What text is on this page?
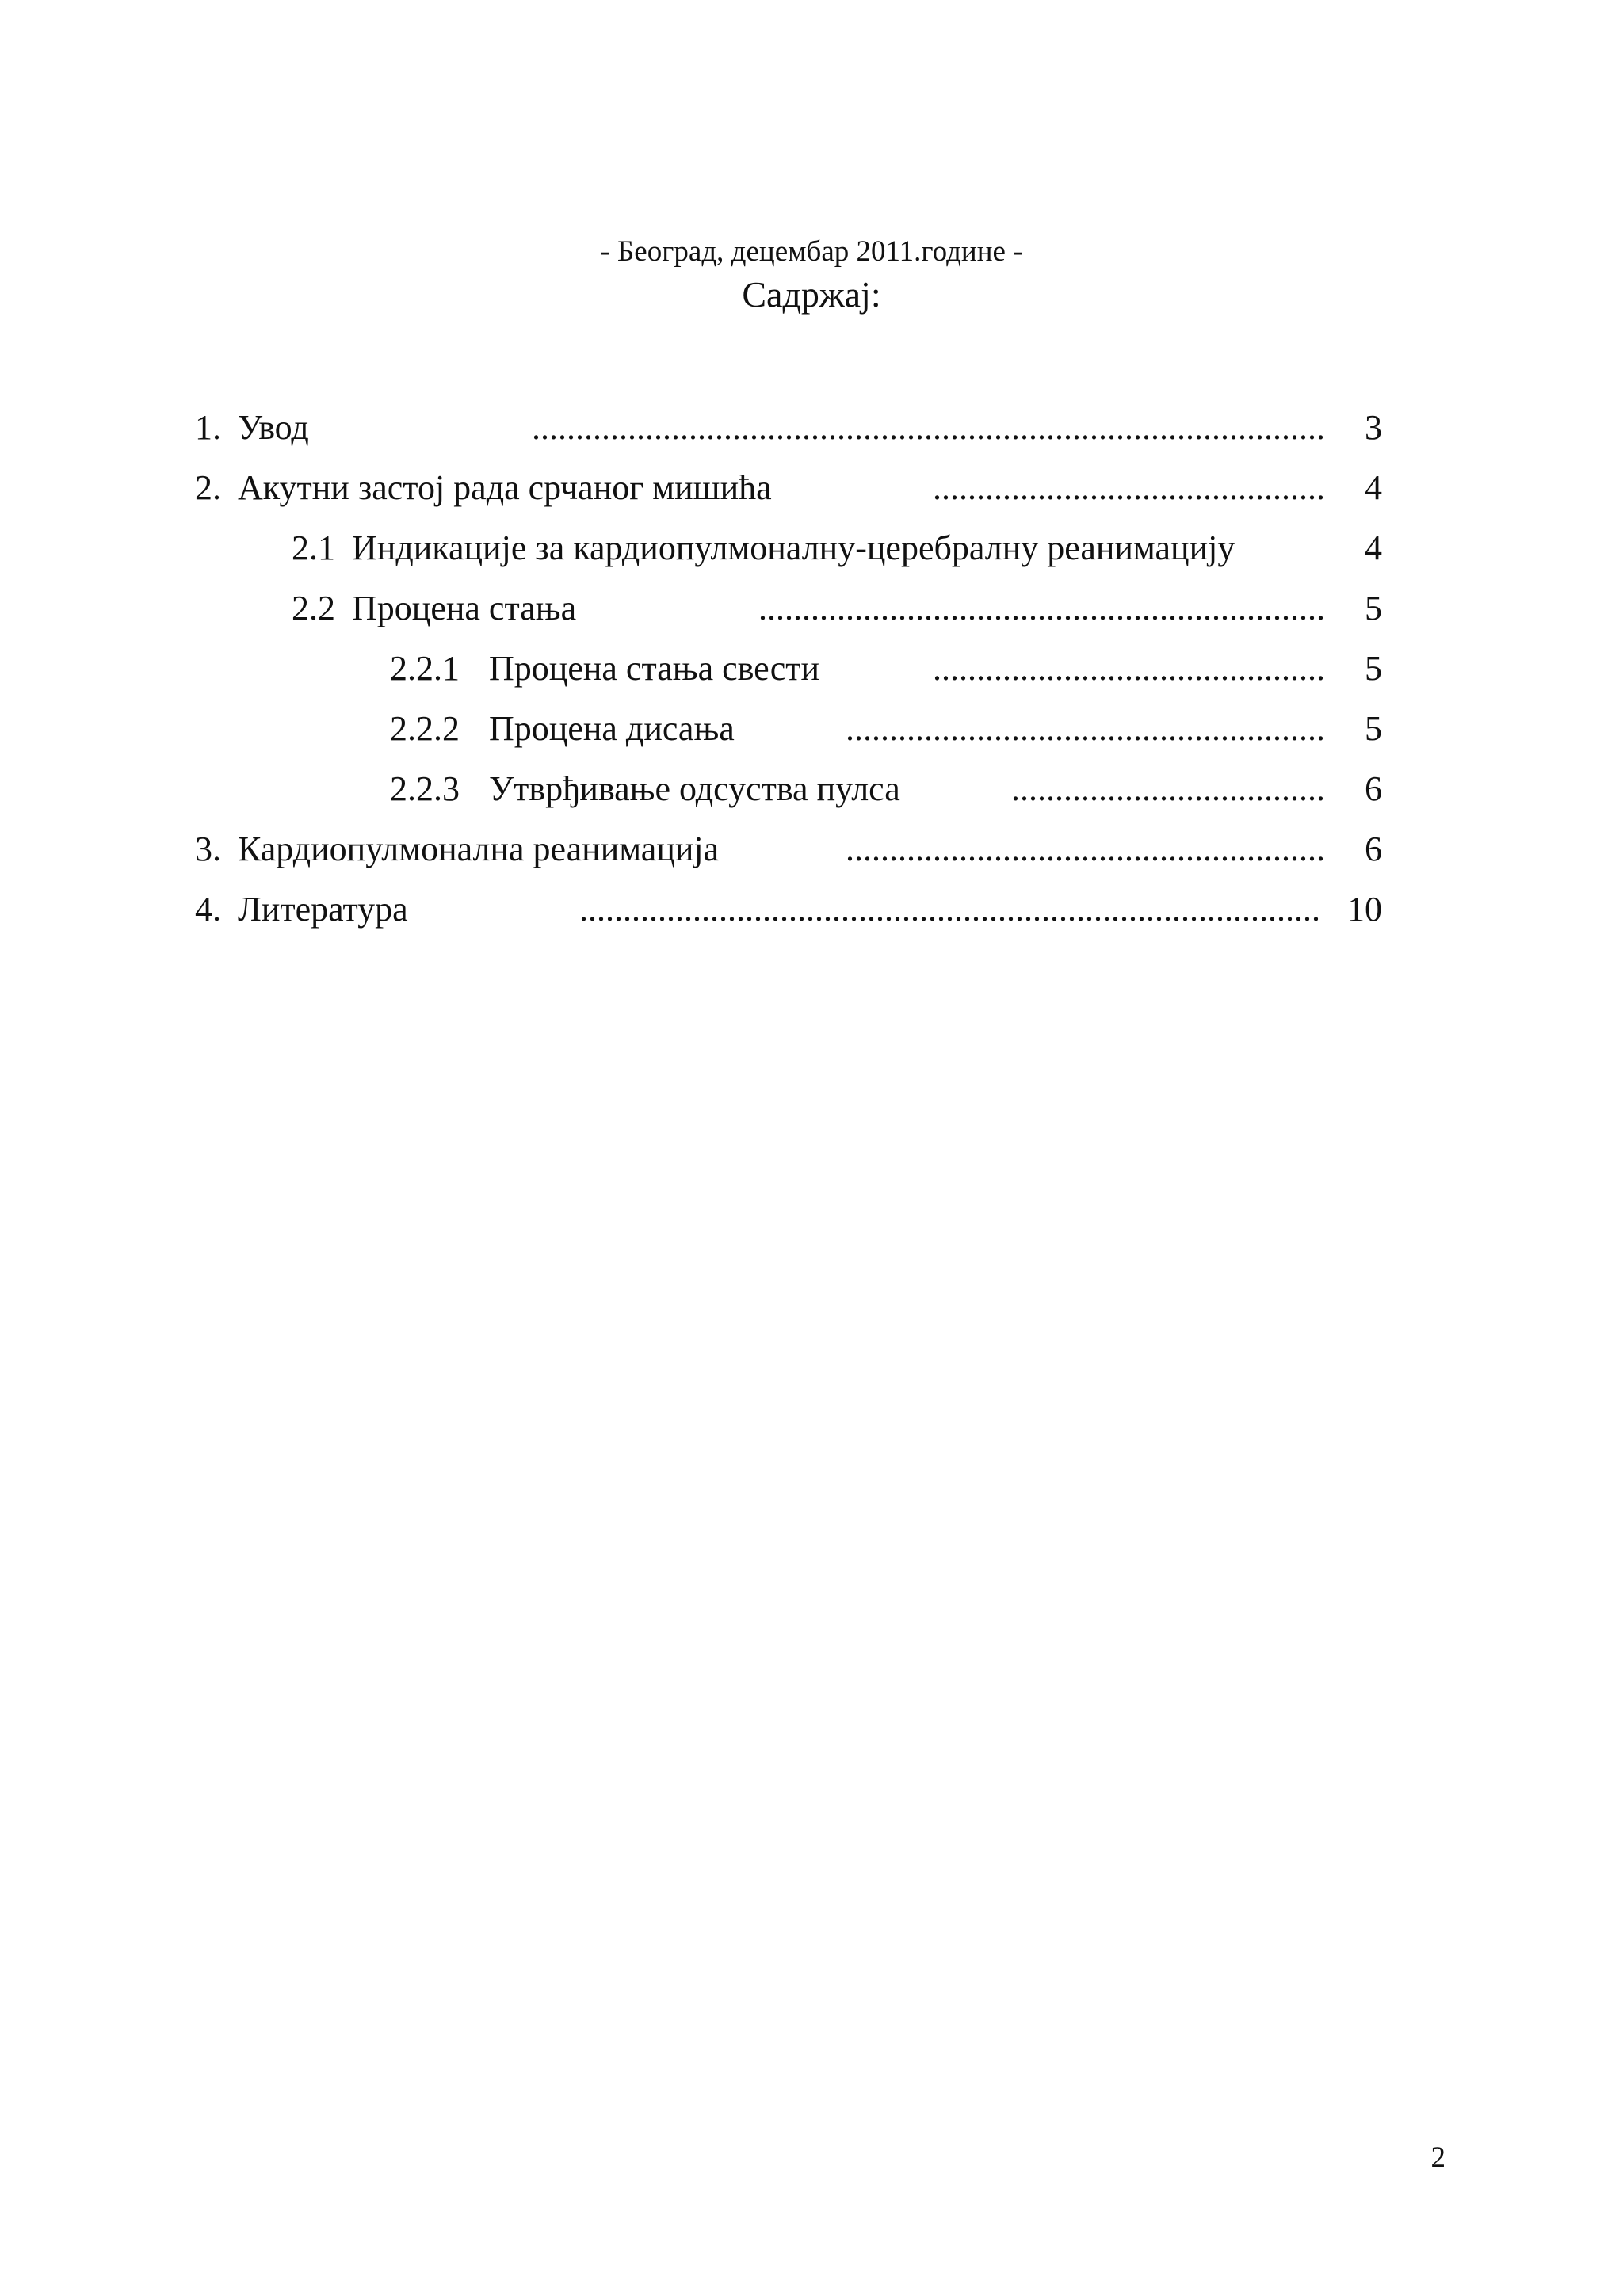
- Београд, децембар 2011.године -
Садржај:
1. Увод	...........................................................................................	3
2. Акутни застој рада срчаног мишића	.............................................	4
2.1 Индикације за кардиопулмоналну-церебралну реанимацију	4
2.2 Процена стања	.................................................................	5
2.2.1 Процена стања свести	.............................................	5
2.2.2 Процена дисања	.......................................................	5
2.2.3 Утврђивање одсуства пулса	....................................	6
3. Кардиопулмонална реанимација	.......................................................	6
4. Литература	..................................................................................... 10
2
